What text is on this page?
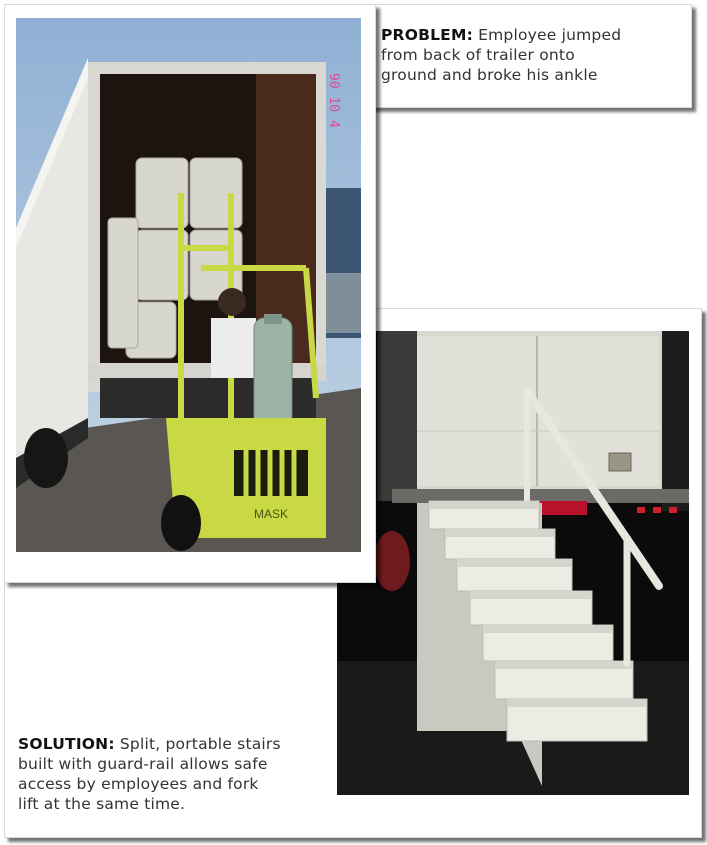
PROBLEM: Employee jumped
from back of trailer onto
ground and broke his ankle
SOLUTION: Split, portable stairs
built with guard-rail allows safe
access by employees and fork
lift at the same time.
MASK
90 10 4
